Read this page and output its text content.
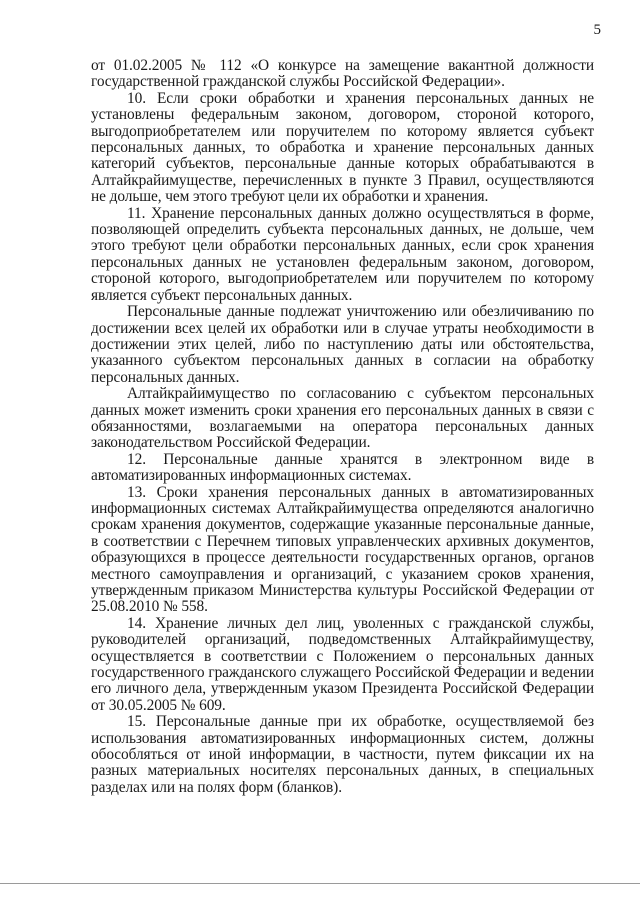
5

от 01.02.2005 № 112 «О конкурсе на замещение вакантной должности государственной гражданской службы Российской Федерации».

10. Если сроки обработки и хранения персональных данных не установлены федеральным законом, договором, стороной которого, выгодоприобретателем или поручителем по которому является субъект персональных данных, то обработка и хранение персональных данных категорий субъектов, персональные данные которых обрабатываются в Алтайкрайимуществе, перечисленных в пункте 3 Правил, осуществляются не дольше, чем этого требуют цели их обработки и хранения.

11. Хранение персональных данных должно осуществляться в форме, позволяющей определить субъекта персональных данных, не дольше, чем этого требуют цели обработки персональных данных, если срок хранения персональных данных не установлен федеральным законом, договором, стороной которого, выгодоприобретателем или поручителем по которому является субъект персональных данных.

Персональные данные подлежат уничтожению или обезличиванию по достижении всех целей их обработки или в случае утраты необходимости в достижении этих целей, либо по наступлению даты или обстоятельства, указанного субъектом персональных данных в согласии на обработку персональных данных.

Алтайкрайимущество по согласованию с субъектом персональных данных может изменить сроки хранения его персональных данных в связи с обязанностями, возлагаемыми на оператора персональных данных законодательством Российской Федерации.

12. Персональные данные хранятся в электронном виде в автоматизированных информационных системах.

13. Сроки хранения персональных данных в автоматизированных информационных системах Алтайкрайимущества определяются аналогично срокам хранения документов, содержащие указанные персональные данные, в соответствии с Перечнем типовых управленческих архивных документов, образующихся в процессе деятельности государственных органов, органов местного самоуправления и организаций, с указанием сроков хранения, утвержденным приказом Министерства культуры Российской Федерации от 25.08.2010 № 558.

14. Хранение личных дел лиц, уволенных с гражданской службы, руководителей организаций, подведомственных Алтайкрайимуществу, осуществляется в соответствии с Положением о персональных данных государственного гражданского служащего Российской Федерации и ведении его личного дела, утвержденным указом Президента Российской Федерации от 30.05.2005 № 609.

15. Персональные данные при их обработке, осуществляемой без использования автоматизированных информационных систем, должны обособляться от иной информации, в частности, путем фиксации их на разных материальных носителях персональных данных, в специальных разделах или на полях форм (бланков).
